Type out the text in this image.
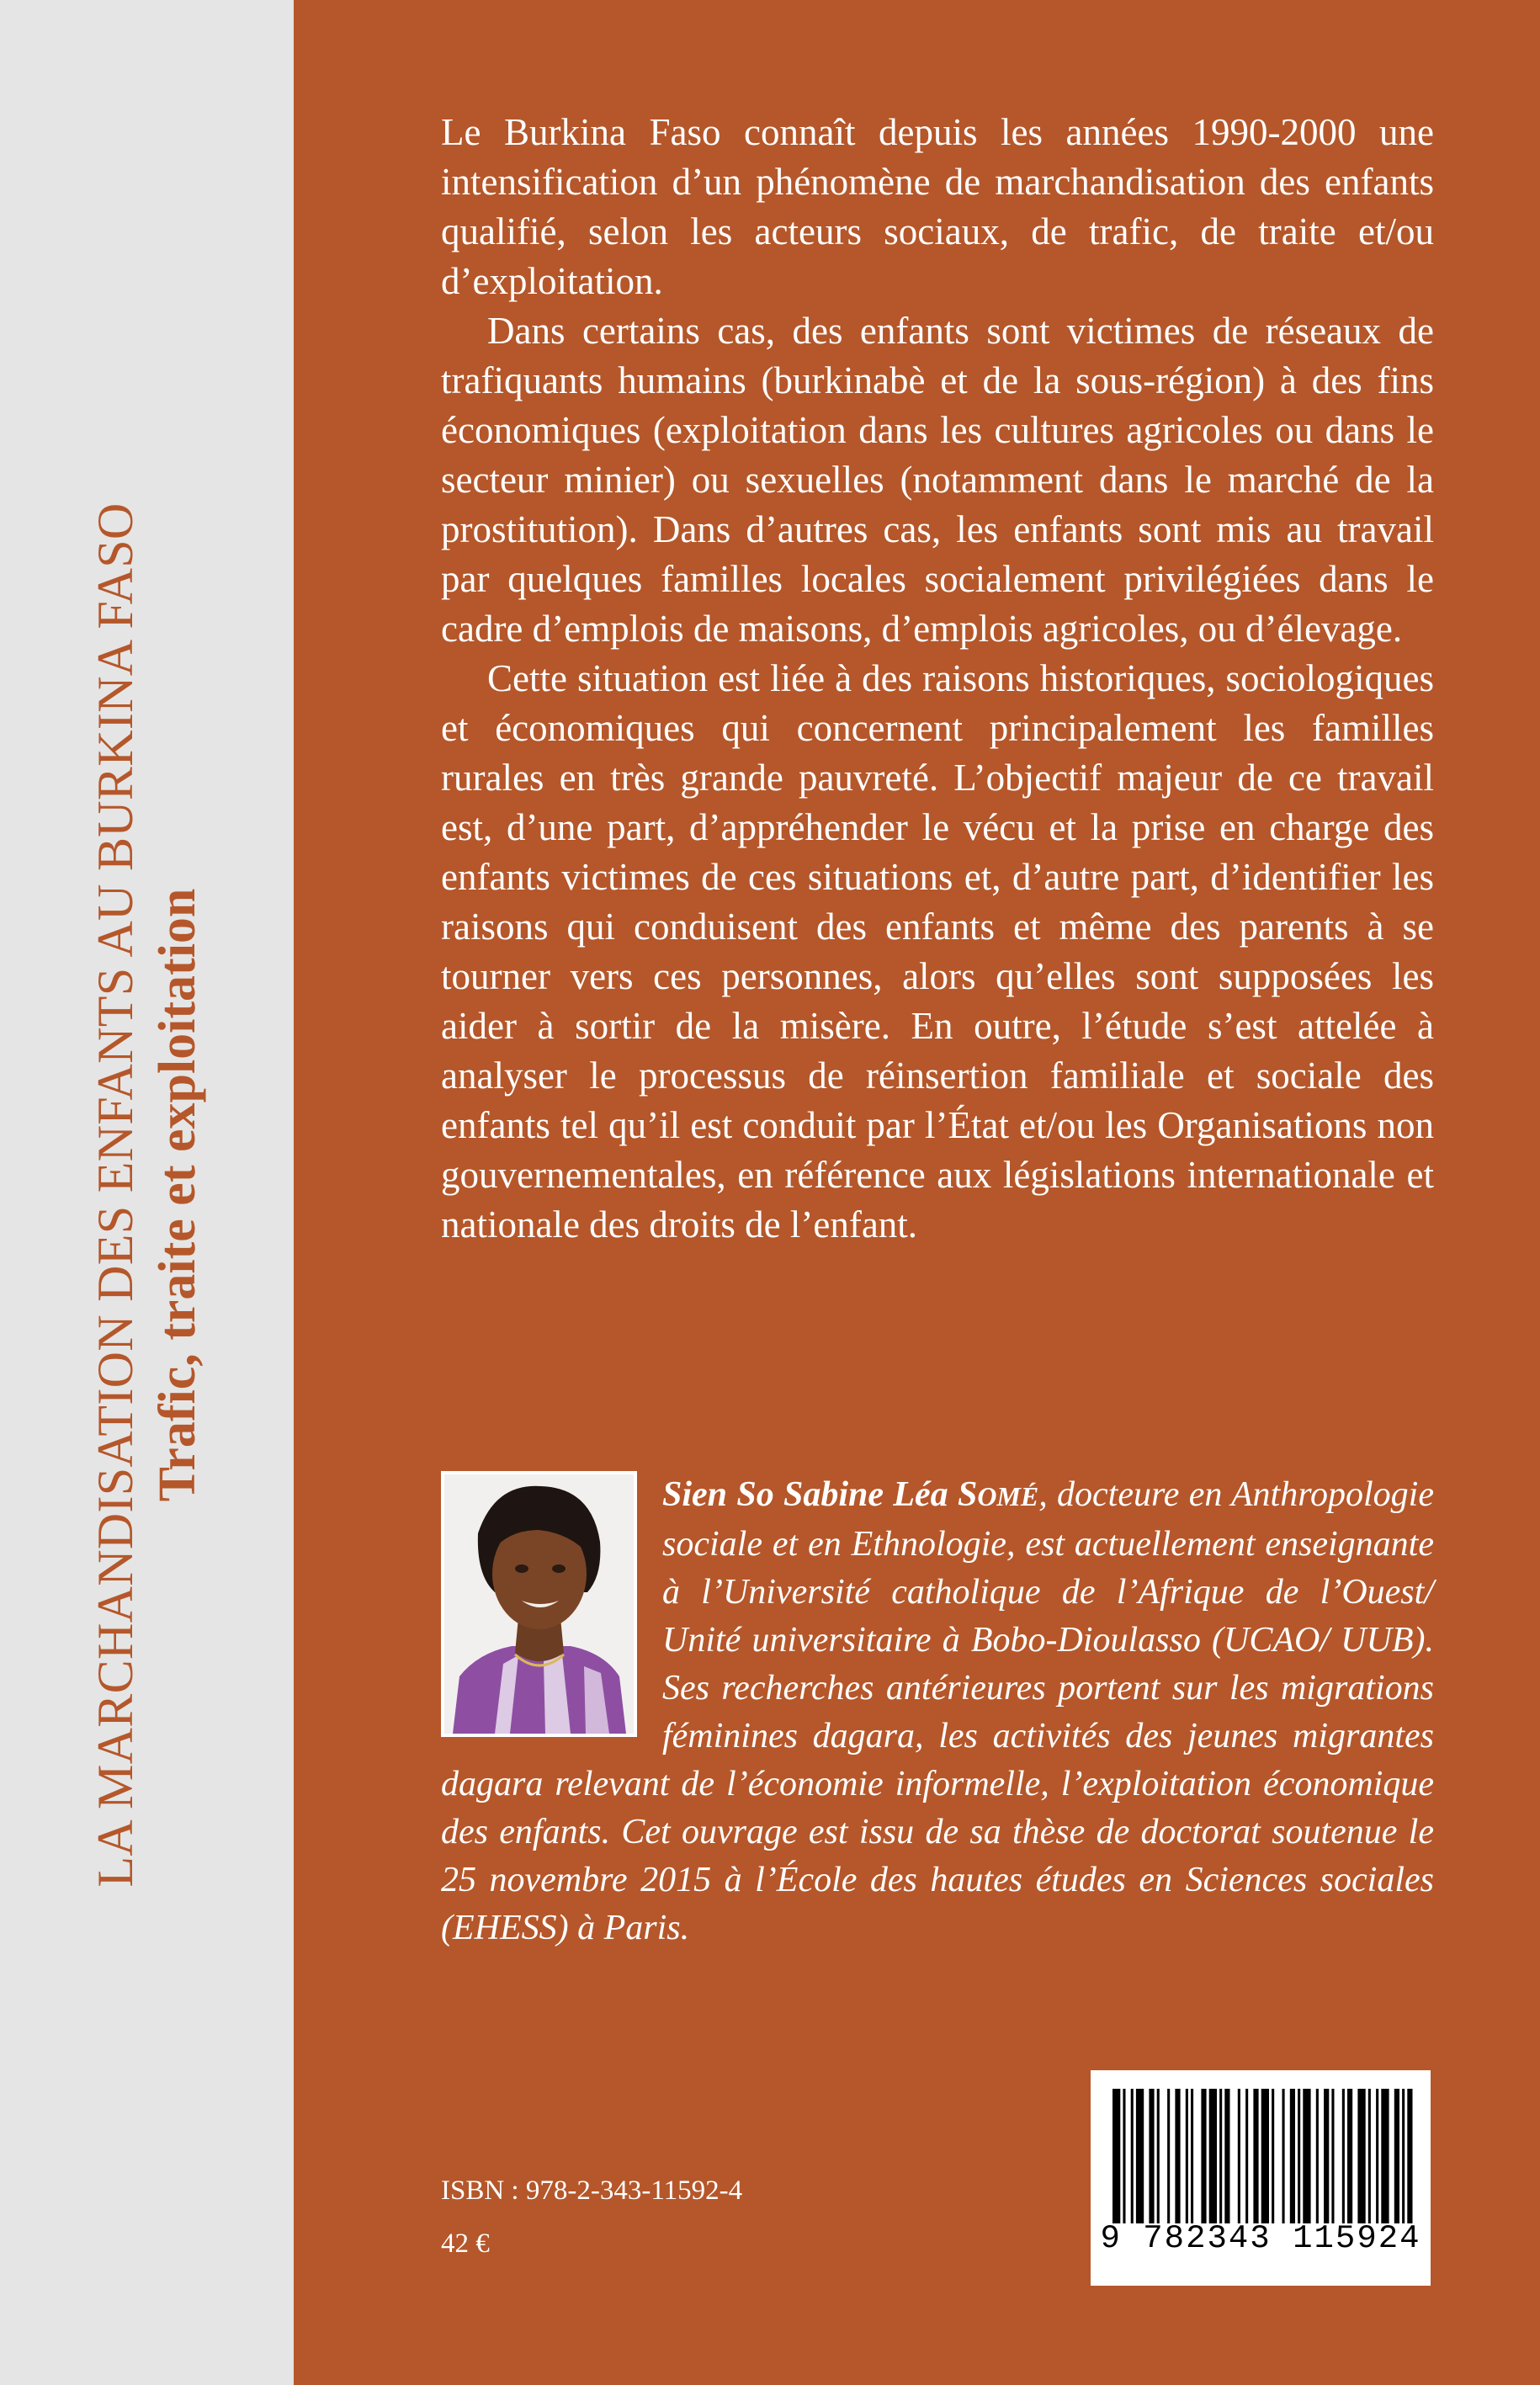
LA MARCHANDISATION DES ENFANTS AU BURKINA FASO Trafic, traite et exploitation

Le Burkina Faso connaît depuis les années 1990-2000 une intensification d’un phénomène de marchandisation des enfants qualifié, selon les acteurs sociaux, de trafic, de traite et/ou d’exploitation.

Dans certains cas, des enfants sont victimes de réseaux de trafiquants humains (burkinabè et de la sous-région) à des fins économiques (exploitation dans les cultures agricoles ou dans le secteur minier) ou sexuelles (notamment dans le marché de la prostitution). Dans d’autres cas, les enfants sont mis au travail par quelques familles locales socialement privilégiées dans le cadre d’emplois de maisons, d’emplois agricoles, ou d’élevage.

Cette situation est liée à des raisons historiques, sociologiques et économiques qui concernent principalement les familles rurales en très grande pauvreté. L’objectif majeur de ce travail est, d’une part, d’appréhender le vécu et la prise en charge des enfants victimes de ces situations et, d’autre part, d’identifier les raisons qui conduisent des enfants et même des parents à se tourner vers ces personnes, alors qu’elles sont supposées les aider à sortir de la misère. En outre, l’étude s’est attelée à analyser le processus de réinsertion familiale et sociale des enfants tel qu’il est conduit par l’État et/ou les Organisations non gouvernementales, en référence aux législations internationale et nationale des droits de l’enfant.

Sien So Sabine Léa SOMÉ, docteure en Anthropologie sociale et en Ethnologie, est actuellement enseignante à l’Université catholique de l’Afrique de l’Ouest/ Unité universitaire à Bobo-Dioulasso (UCAO/ UUB). Ses recherches antérieures portent sur les migrations féminines dagara, les activités des jeunes migrantes dagara relevant de l’économie informelle, l’exploitation économique des enfants. Cet ouvrage est issu de sa thèse de doctorat soutenue le 25 novembre 2015 à l’École des hautes études en Sciences sociales (EHESS) à Paris.
ISBN : 978-2-343-11592-4
42 €	9 782343 115924
